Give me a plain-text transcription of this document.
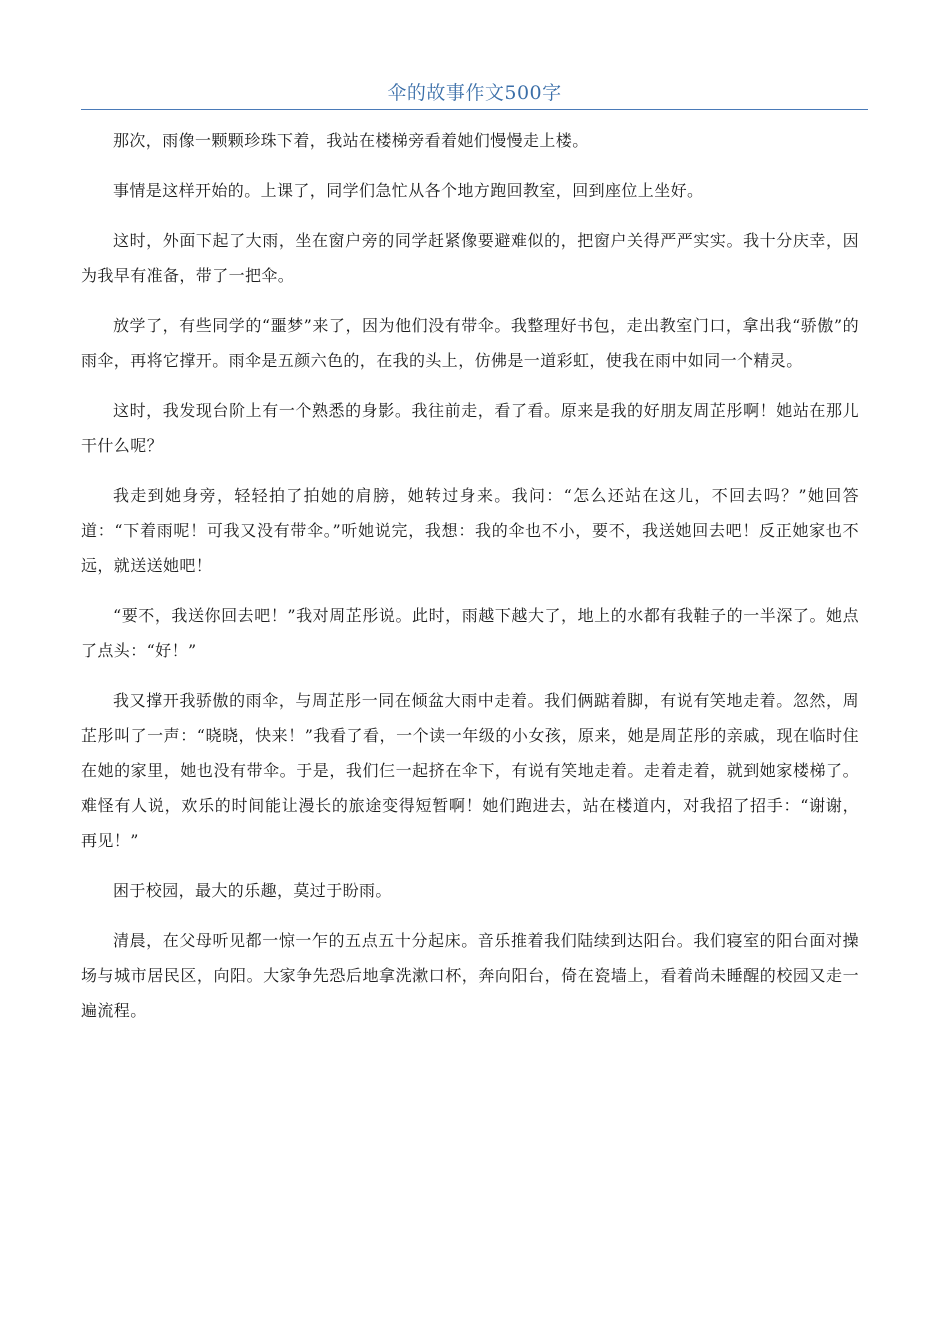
伞的故事作文500字

那次，雨像一颗颗珍珠下着，我站在楼梯旁看着她们慢慢走上楼。

事情是这样开始的。上课了，同学们急忙从各个地方跑回教室，回到座位上坐好。

这时，外面下起了大雨，坐在窗户旁的同学赶紧像要避难似的，把窗户关得严严实实。我十分庆幸，因为我早有准备，带了一把伞。

放学了，有些同学的“噩梦”来了，因为他们没有带伞。我整理好书包，走出教室门口，拿出我“骄傲”的雨伞，再将它撑开。雨伞是五颜六色的，在我的头上，仿佛是一道彩虹，使我在雨中如同一个精灵。

这时，我发现台阶上有一个熟悉的身影。我往前走，看了看。原来是我的好朋友周芷彤啊！她站在那儿干什么呢？

我走到她身旁，轻轻拍了拍她的肩膀，她转过身来。我问：“怎么还站在这儿，不回去吗？”她回答道：“下着雨呢！可我又没有带伞。”听她说完，我想：我的伞也不小，要不，我送她回去吧！反正她家也不远，就送送她吧！

“要不，我送你回去吧！”我对周芷彤说。此时，雨越下越大了，地上的水都有我鞋子的一半深了。她点了点头：“好！”

我又撑开我骄傲的雨伞，与周芷彤一同在倾盆大雨中走着。我们俩踮着脚，有说有笑地走着。忽然，周芷彤叫了一声：“晓晓，快来！”我看了看，一个读一年级的小女孩，原来，她是周芷彤的亲戚，现在临时住在她的家里，她也没有带伞。于是，我们仨一起挤在伞下，有说有笑地走着。走着走着，就到她家楼梯了。难怪有人说，欢乐的时间能让漫长的旅途变得短暂啊！她们跑进去，站在楼道内，对我招了招手：“谢谢，再见！”

困于校园，最大的乐趣，莫过于盼雨。

清晨，在父母听见都一惊一乍的五点五十分起床。音乐推着我们陆续到达阳台。我们寝室的阳台面对操场与城市居民区，向阳。大家争先恐后地拿洗漱口杯，奔向阳台，倚在瓷墙上，看着尚未睡醒的校园又走一遍流程。
